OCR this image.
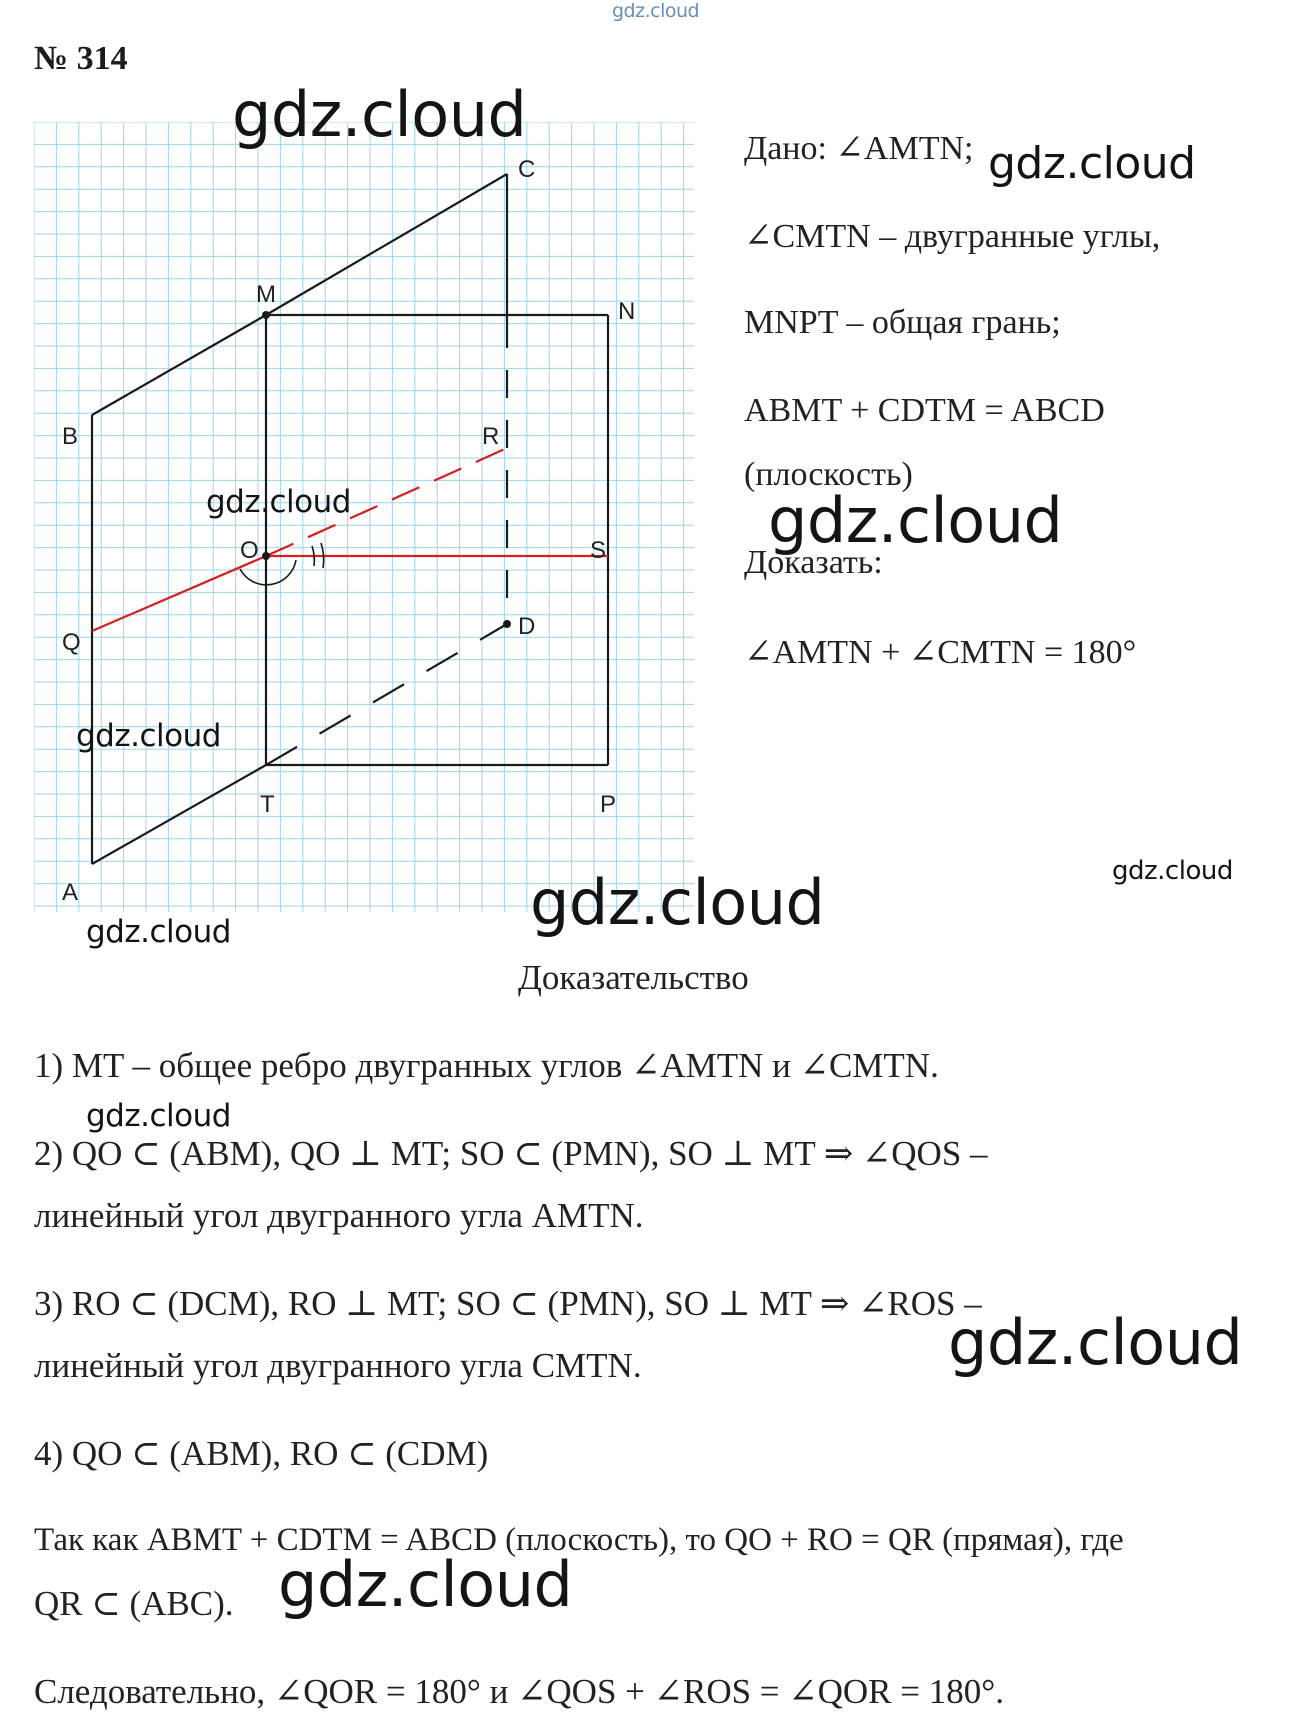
gdz.cloud
№ 314
A
B
C
D
M
N
P
T
O
Q
R
S
Дано: ∠AMTN;
∠CMTN – двугранные углы,
MNPT – общая грань;
ABMT + CDTM = ABCD
(плоскость)
Доказать:
∠AMTN + ∠CMTN = 180°
Доказательство
1) MT – общее ребро двугранных углов ∠AMTN и ∠CMTN.
2) QO ⊂ (ABM), QO ⊥ MT; SO ⊂ (PMN), SO ⊥ MT ⇒ ∠QOS –
линейный угол двугранного угла AMTN.
3) RO ⊂ (DCM), RO ⊥ MT; SO ⊂ (PMN), SO ⊥ MT ⇒ ∠ROS –
линейный угол двугранного угла CMTN.
4) QO ⊂ (ABM), RO ⊂ (CDM)
Так как ABMT + CDTM = ABCD (плоскость), то QO + RO = QR (прямая), где
QR ⊂ (ABC).
Следовательно, ∠QOR = 180° и ∠QOS + ∠ROS = ∠QOR = 180°.
gdz.cloud
gdz.cloud
gdz.cloud	gdz.cloud
gdz.cloud
gdz.cloud
gdz.cloud
gdz.cloud
gdz.cloud
gdz.cloud
gdz.cloud
